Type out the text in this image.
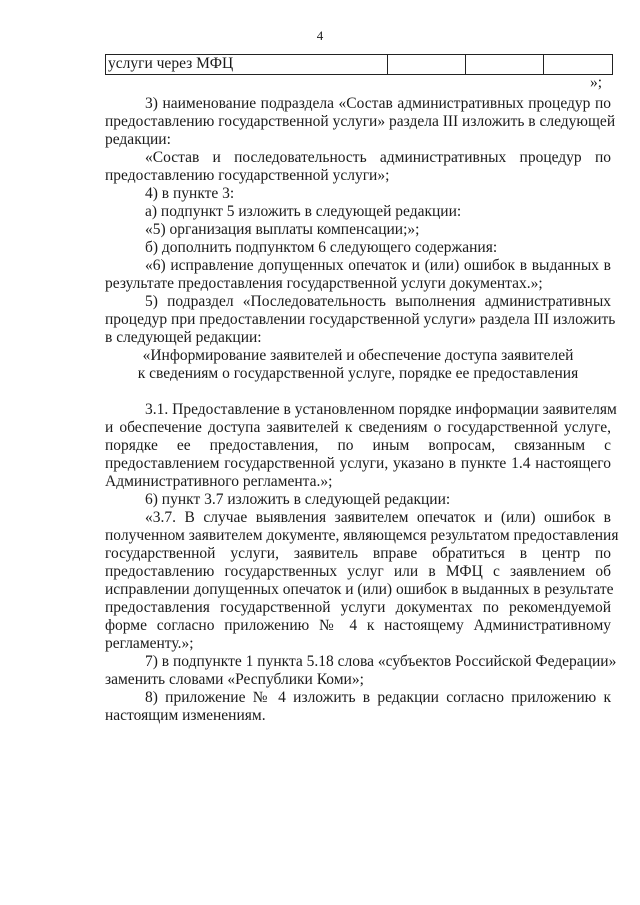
4
услуги через МФЦ
»;
3) наименование подраздела «Состав административных процедур по
предоставлению государственной услуги» раздела III изложить в следующей
редакции:
«Состав и последовательность административных процедур по
предоставлению государственной услуги»;
4) в пункте 3:
а) подпункт 5 изложить в следующей редакции:
«5) организация выплаты компенсации;»;
б) дополнить подпунктом 6 следующего содержания:
«6) исправление допущенных опечаток и (или) ошибок в выданных в
результате предоставления государственной услуги документах.»;
5) подраздел «Последовательность выполнения административных
процедур при предоставлении государственной услуги» раздела III изложить
в следующей редакции:
«Информирование заявителей и обеспечение доступа заявителей
к сведениям о государственной услуге, порядке ее предоставления
3.1. Предоставление в установленном порядке информации заявителям
и обеспечение доступа заявителей к сведениям о государственной услуге,
порядке ее предоставления, по иным вопросам, связанным с
предоставлением государственной услуги, указано в пункте 1.4 настоящего
Административного регламента.»;
6) пункт 3.7 изложить в следующей редакции:
«3.7. В случае выявления заявителем опечаток и (или) ошибок в
полученном заявителем документе, являющемся результатом предоставления
государственной услуги, заявитель вправе обратиться в центр по
предоставлению государственных услуг или в МФЦ с заявлением об
исправлении допущенных опечаток и (или) ошибок в выданных в результате
предоставления государственной услуги документах по рекомендуемой
форме согласно приложению № 4 к настоящему Административному
регламенту.»;
7) в подпункте 1 пункта 5.18 слова «субъектов Российской Федерации»
заменить словами «Республики Коми»;
8) приложение № 4 изложить в редакции согласно приложению к
настоящим изменениям.
